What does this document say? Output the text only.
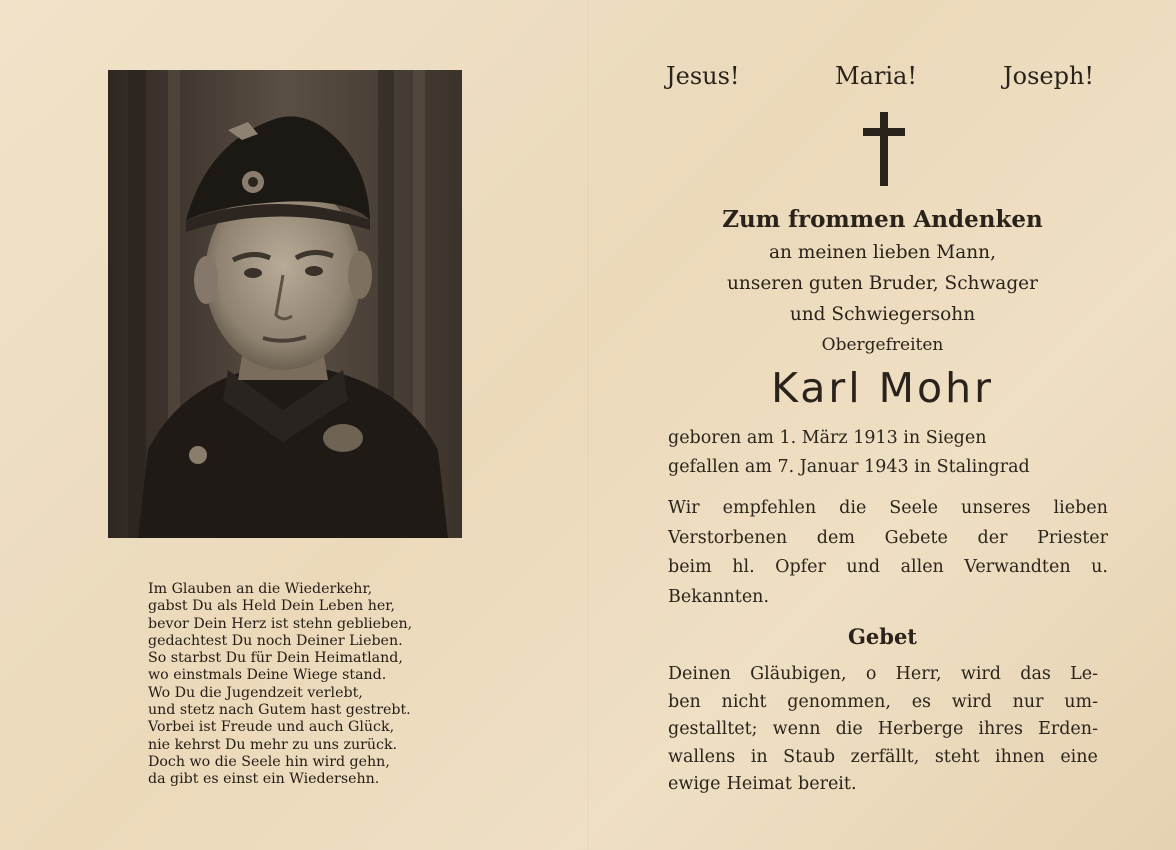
Im Glauben an die Wiederkehr,
gabst Du als Held Dein Leben her,
bevor Dein Herz ist stehn geblieben,
gedachtest Du noch Deiner Lieben.
So starbst Du für Dein Heimatland,
wo einstmals Deine Wiege stand.
Wo Du die Jugendzeit verlebt,
und stetz nach Gutem hast gestrebt.
Vorbei ist Freude und auch Glück,
nie kehrst Du mehr zu uns zurück.
Doch wo die Seele hin wird gehn,
da gibt es einst ein Wiedersehn.
Jesus!	Maria!	Joseph!
Zum frommen Andenken
an meinen lieben Mann,
unseren guten Bruder, Schwager
und Schwiegersohn
Obergefreiten
Karl Mohr
geboren am 1. März 1913 in Siegen
gefallen am 7. Januar 1943 in Stalingrad
Wir empfehlen die Seele unseres lieben
Verstorbenen dem Gebete der Priester
beim hl. Opfer und allen Verwandten u.
Bekannten.
Gebet
Deinen Gläubigen, o Herr, wird das Le-
ben nicht genommen, es wird nur um-
gestalltet; wenn die Herberge ihres Erden-
wallens in Staub zerfällt, steht ihnen eine
ewige Heimat bereit.
